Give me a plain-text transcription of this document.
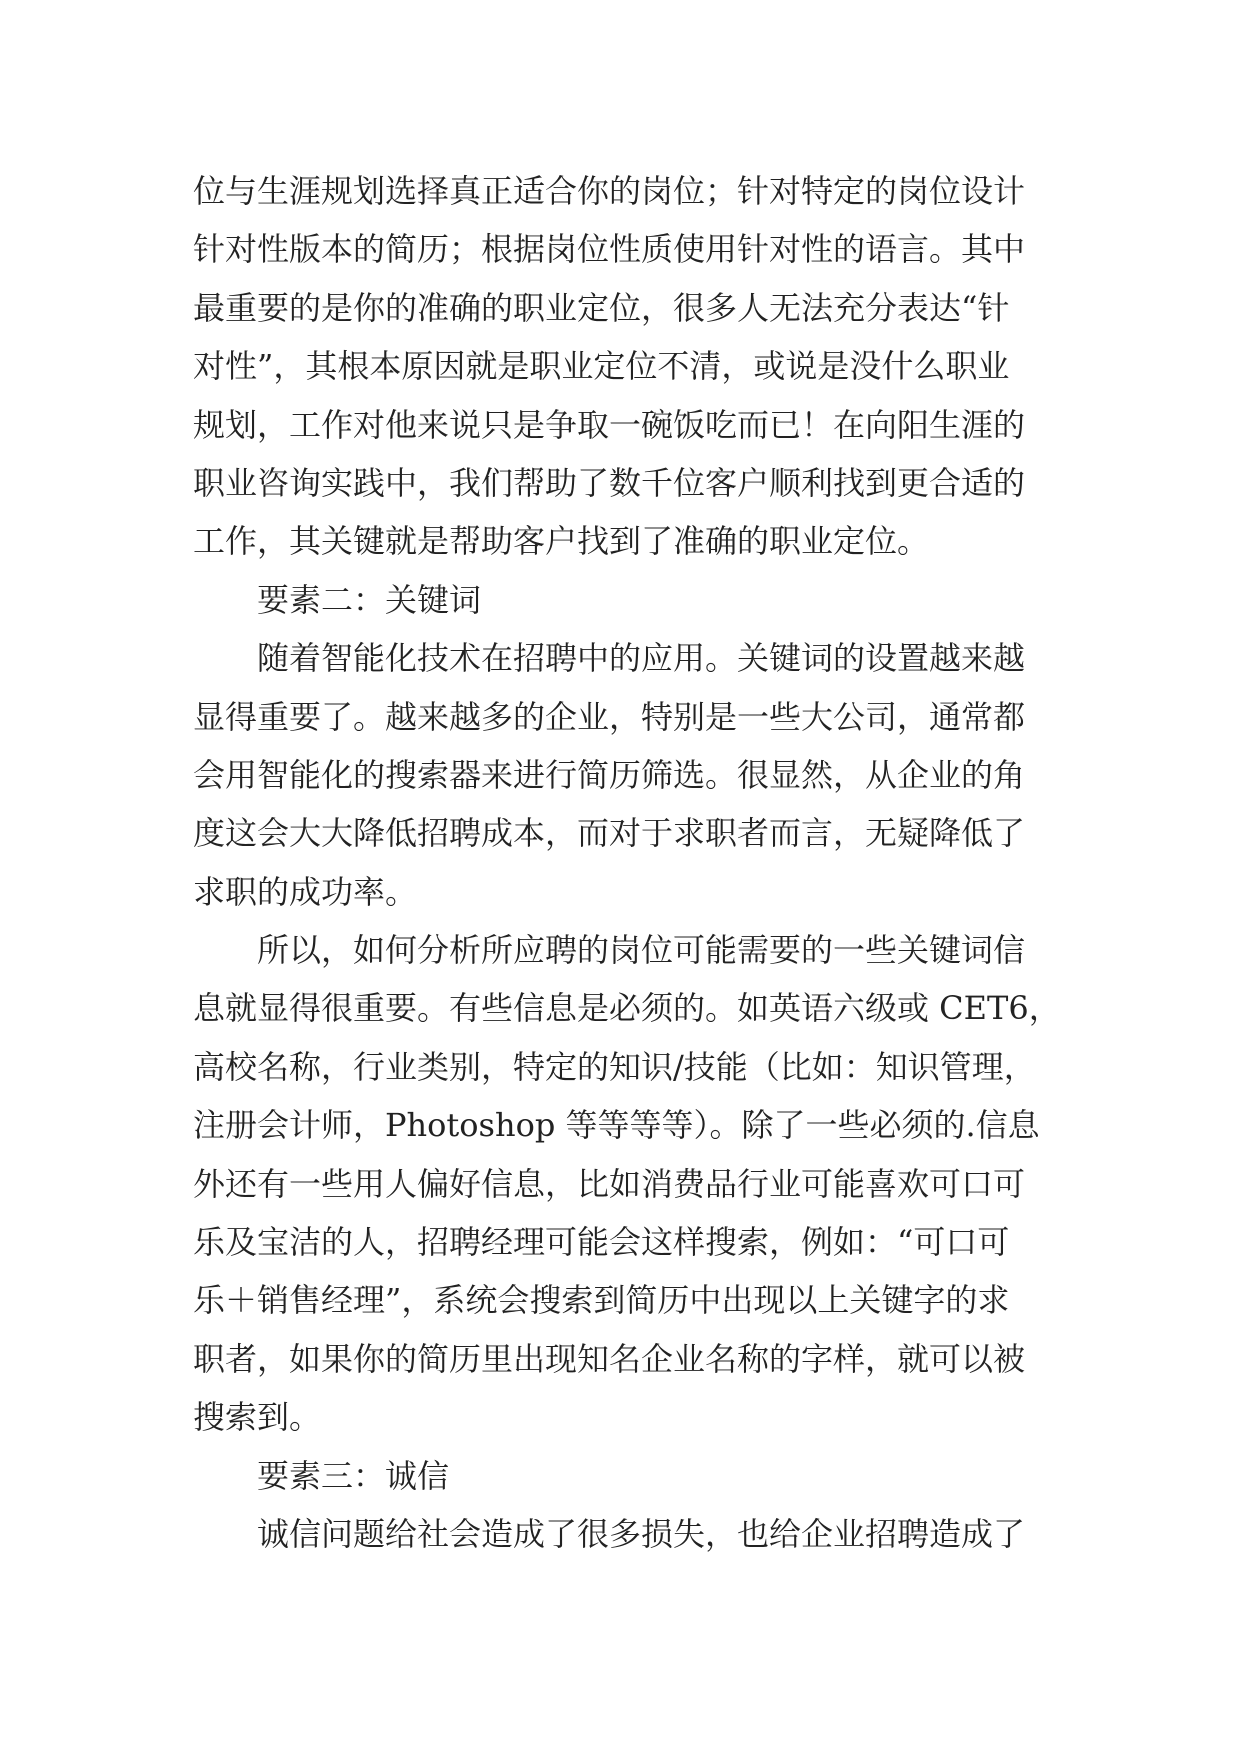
位与生涯规划选择真正适合你的岗位；针对特定的岗位设计
针对性版本的简历；根据岗位性质使用针对性的语言。其中
最重要的是你的准确的职业定位，很多人无法充分表达“针
对性”，其根本原因就是职业定位不清，或说是没什么职业
规划，工作对他来说只是争取一碗饭吃而已！在向阳生涯的
职业咨询实践中，我们帮助了数千位客户顺利找到更合适的
工作，其关键就是帮助客户找到了准确的职业定位。
要素二：关键词
随着智能化技术在招聘中的应用。关键词的设置越来越
显得重要了。越来越多的企业，特别是一些大公司，通常都
会用智能化的搜索器来进行简历筛选。很显然，从企业的角
度这会大大降低招聘成本，而对于求职者而言，无疑降低了
求职的成功率。
所以，如何分析所应聘的岗位可能需要的一些关键词信
息就显得很重要。有些信息是必须的。如英语六级或 CET6，
高校名称，行业类别，特定的知识/技能（比如：知识管理，
注册会计师，Photoshop 等等等等）。除了一些必须的.信息
外还有一些用人偏好信息，比如消费品行业可能喜欢可口可
乐及宝洁的人，招聘经理可能会这样搜索，例如：“可口可
乐＋销售经理”，系统会搜索到简历中出现以上关键字的求
职者，如果你的简历里出现知名企业名称的字样，就可以被
搜索到。
要素三：诚信
诚信问题给社会造成了很多损失，也给企业招聘造成了
